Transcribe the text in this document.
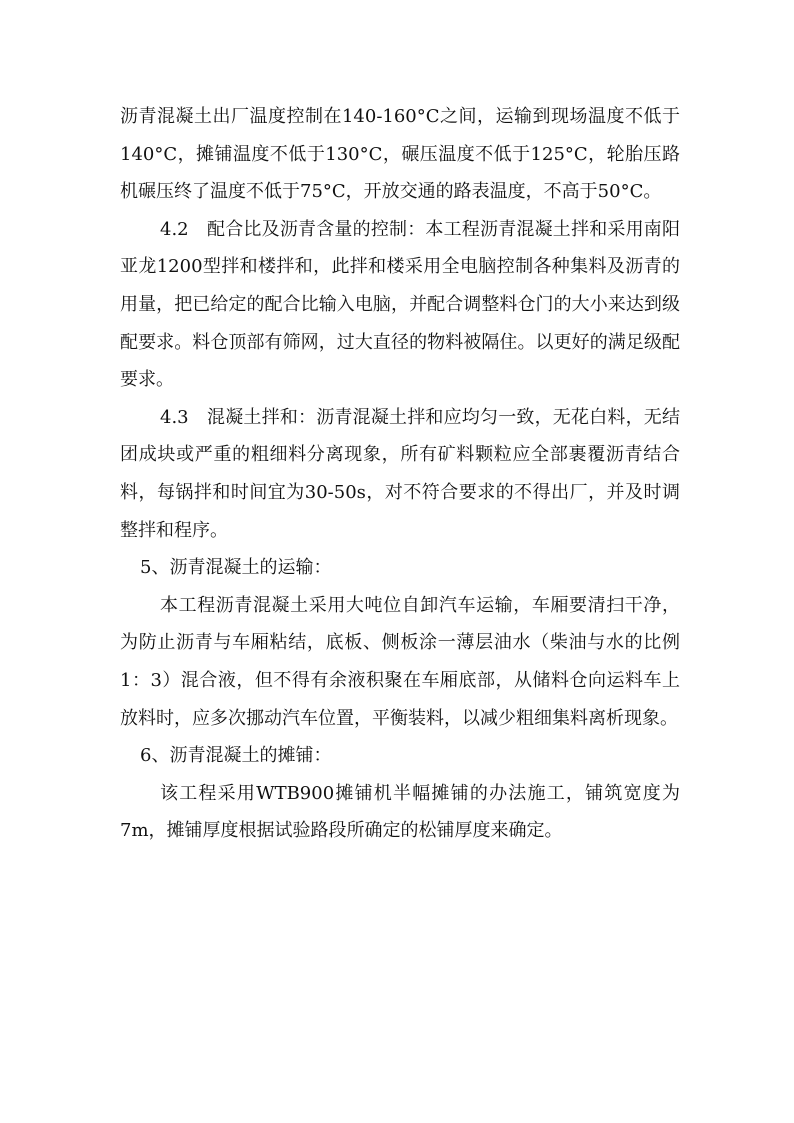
沥青混凝土出厂温度控制在140-160°C之间，运输到现场温度不低于140°C，摊铺温度不低于130°C，碾压温度不低于125°C，轮胎压路机碾压终了温度不低于75°C，开放交通的路表温度，不高于50°C。

4.2　配合比及沥青含量的控制：本工程沥青混凝土拌和采用南阳亚龙1200型拌和楼拌和，此拌和楼采用全电脑控制各种集料及沥青的用量，把已给定的配合比输入电脑，并配合调整料仓门的大小来达到级配要求。料仓顶部有筛网，过大直径的物料被隔住。以更好的满足级配要求。

4.3　混凝土拌和：沥青混凝土拌和应均匀一致，无花白料，无结团成块或严重的粗细料分离现象，所有矿料颗粒应全部裹覆沥青结合料，每锅拌和时间宜为30-50s，对不符合要求的不得出厂，并及时调整拌和程序。

5、沥青混凝土的运输：

本工程沥青混凝土采用大吨位自卸汽车运输，车厢要清扫干净，为防止沥青与车厢粘结，底板、侧板涂一薄层油水（柴油与水的比例1：3）混合液，但不得有余液积聚在车厢底部，从储料仓向运料车上放料时，应多次挪动汽车位置，平衡装料，以减少粗细集料离析现象。

6、沥青混凝土的摊铺：

该工程采用WTB900摊铺机半幅摊铺的办法施工，铺筑宽度为7m，摊铺厚度根据试验路段所确定的松铺厚度来确定。
